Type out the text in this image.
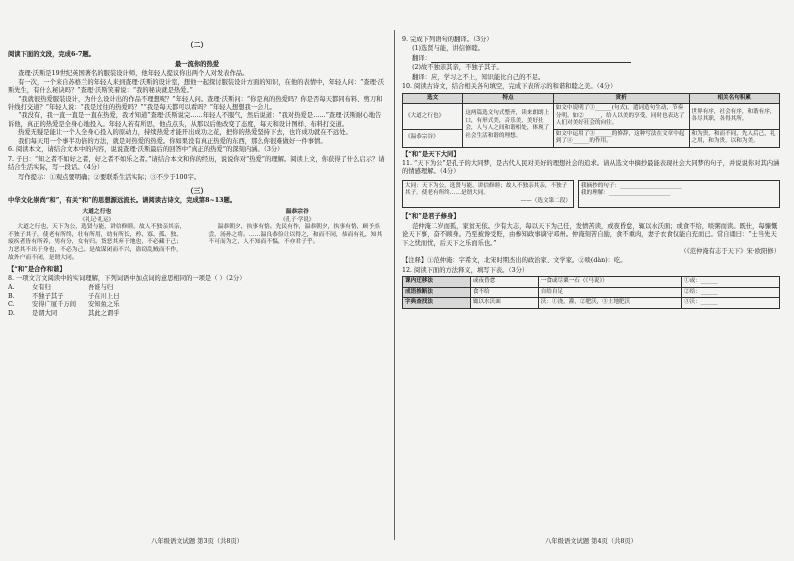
（二）
阅读下面的文段，完成6-7题。
最一流你的热爱

查理·沃斯是19世纪英国著名的服装设计师，他年轻人提议你出两个人对发表作品。

有一次，一个来自苏格兰的年轻人来到查理·沃斯的设计室，想他一起探讨服装设计方面的知识，在他的表情中，年轻人问：“查理·沃斯先生，有什么秘诀吗？”查理·沃斯笑着说：“我的秘诀就是热爱。”

“我就很热爱服装设计，为什么设计出的作品不理想呢？”年轻人问。查理·沃斯问：“你是真的热爱吗？你是否每天都同布料、剪刀和针线打交道？”年轻人说：“我是过往的热爱吗？”“我是每天都可以看吗？”年轻人想想我一会儿。

“我没有，我一直一直是一直在热爱，我才知道”查理·沃斯说完……年轻人不服气，然后说道：“我对热爱是……”查理·沃斯耐心地告诉他，真正的热爱是全身心地投入。年轻人若有所思，他点点头，从那以后他改变了态度，每天和设计图样、布料打交道。

热爱无疑是能让一个人全身心投入的原动力，持续热爱才能开出成功之花，把你的热爱坚持下去，也许成功就在不远处。

我们每天用一个事半功倍的方法，就是对热爱的热爱。你如果没有真正热爱的东西，那么你很难做好一件事情。

6. 阅读本文，请结合文本中的内容，说说查理·沃斯最后的回答中“真正的热爱”的深刻内涵。（3分）
7. 子曰：“知之者不如好之者，好之者不如乐之者。”请结合本文和你的经历，说说你对“热爱”的理解。阅读上文，你获得了什么启示？请结合生活实际，写一段话。（4分）
写作提示：①观点要明确；②要联系生活实际；③不少于100字。
（三）
中华文化崇尚“和”，有关“和”的思想源远流长。请阅读古诗文，完成第8~13题。
大道之行也
《礼记·礼运》
大道之行也，天下为公，选贤与能，讲信修睦。故人不独亲其亲，不独子其子，使老有所终，壮有所用，幼有所长，矜、寡、孤、独、废疾者皆有所养，男有分，女有归。货恶其弃于地也，不必藏于己；力恶其不出于身也，不必为己。是故谋闭而不兴，盗窃乱贼而不作，故外户而不闭，是谓大同。
温恭宗谷
《孔子·学说》
温恭朝夕，执事有恪。先民有作，温恭朝夕，执事有恪，顾予烝尝，汤孙之将。……温良恭俭让以得之，和而不同，恭而有礼，知其不可而为之，人不知而不愠，不亦君子乎。
【“和”是合作和谐】
8. 一项文言文阅读中的实词理解，下列词语中加点词的意思相同的一项是（ ）（2分）
A.	女有归	吾谁与归
B.	不独子其子	子在川上曰
C.	安得广厦千万间	安知鱼之乐
D.	是谓大同	其此之谓乎
八年级语文试题 第3页（共8页）
9. 完成下列语句的翻译。（3分）
(1)选贤与能，讲信修睦。
翻译：
(2)故不独亲其亲，不独子其子。
翻译：应，学习之不上，知识能比自己的不足。
10. 阅读古诗文，结合相关各句填空，完成下表所示的和谐和睦之美。（4分）
选文	特点	赏析	相关名句积累
《大道之行也》	这两篇选文句式整齐，读来朗朗上口，有形式美，音乐美，美好社会，人与人之间和谐相处，体现了社会生活和谐的理想。	如文中说明了①______(句式)，遣词造句生动，节奏分明。如②______，给人以美的享受，同时也表达了人们对美好社会的向往。	世界有序，社会有序，和谐有序，各尽其职，各得其所。
《温恭宗谷》		如文中运用了③______的修辞，这种写法在文章中起到了④______的作用。	和为贵，和而不同，先人后己，礼之用，和为贵，以和为美。
【“和”是天下大同】
11. “天下为公”是孔子的大同梦，是古代人民对美好的理想社会的追求。请从选文中摘抄最能表现社会大同梦的句子，并说说你对其内涵的情感理解。（4分）
大同：天下为公，选贤与能，讲信修睦；故人不独亲其亲，不独子其子。使老有所终……是谓大同。
——（选文第二段）
我摘抄的句子：______________________
我的理解：______________________
【“和”是君子修身】

范仲淹二岁而孤，家贫无依。少有大志，每以天下为己任，发愤苦读，或夜昏怠，辄以水沃面；或食不给，啖粥而读。既仕，每慷慨论天下事，奋不顾身。乃至被谗受贬，由参知政事谪守邓州。仲淹刻苦自励，食不重肉，妻子衣食仅能自充而已。常自诵曰：“士当先天下之忧而忧，后天下之乐而乐也。”

（《范仲淹有志于天下》宋·欧阳修）
【注释】①范仲淹：字希文，北宋时期杰出的政治家、文学家。②啖(dàn)：吃。
12. 阅读下面的方法释义，填写下表。（3分）
课内迁移法	或夜昏怠	一食或尽粟一石（《马说》）	①或：______
成语推断法	食不给	自给自足	②给：______
字典查找法	辄以水沃面	沃：①浇，灌，②肥沃，③土地肥沃	③沃：______
八年级语文试题 第4页（共8页）
